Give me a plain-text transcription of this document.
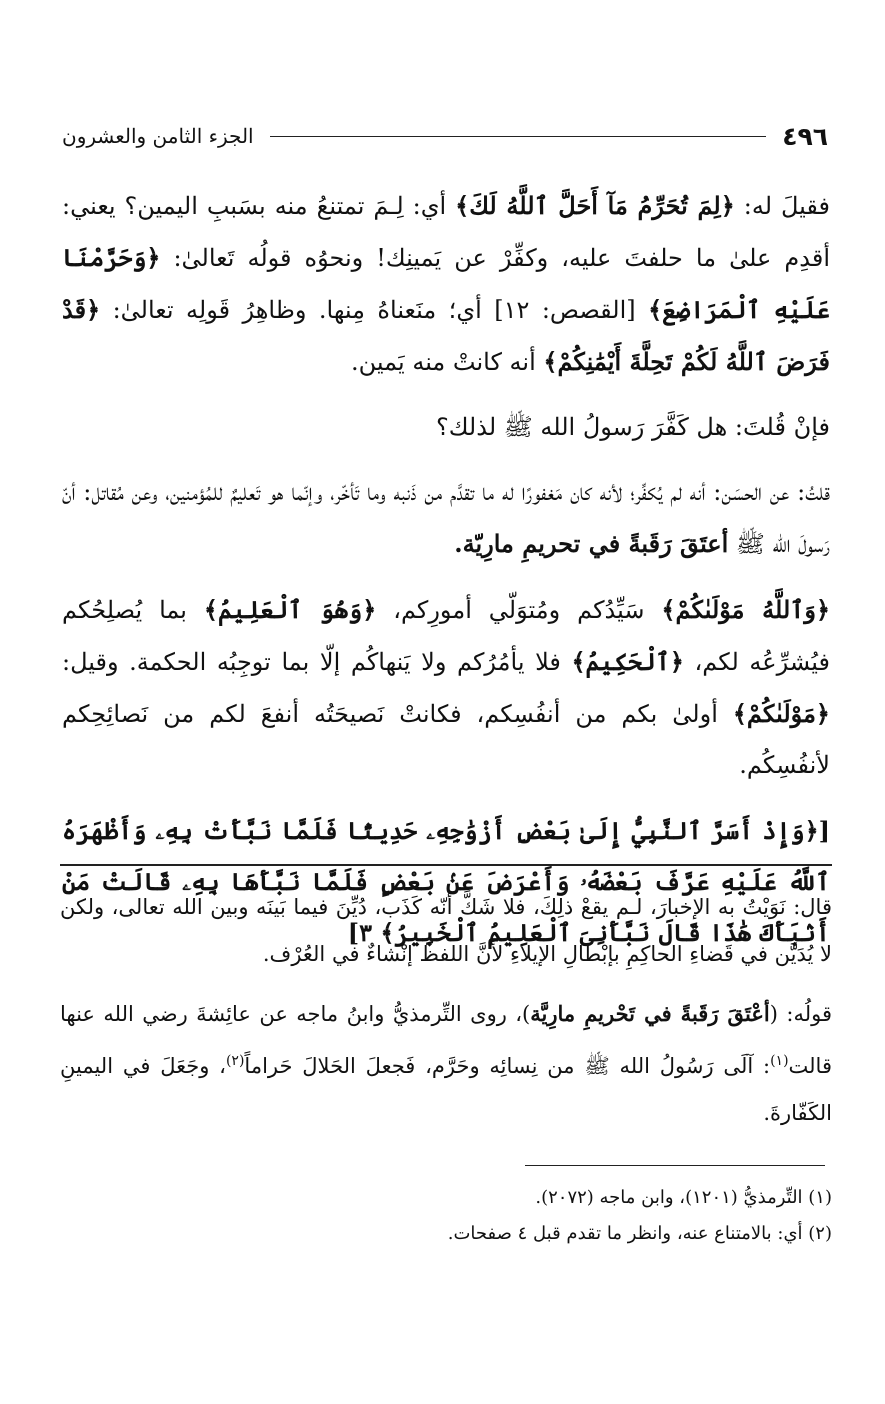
٤٩٦
الجزء الثامن والعشرون

فقيلَ له: ﴿لِمَ تُحَرِّمُ مَآ أَحَلَّ ٱللَّهُ لَكَ﴾ أي: لِـمَ تمتنعُ منه بسَببِ اليمين؟ يعني: أقدِم علىٰ ما حلفتَ عليه، وكفِّرْ عن يَمينِك! ونحوُه قولُه تَعالىٰ: ﴿وَحَرَّمْنَا عَلَيْهِ ٱلْمَرَاضِعَ﴾ [القصص: ١٢] أي؛ منَعناهُ مِنها. وظاهِرُ قَولِه تعالىٰ: ﴿قَدْ فَرَضَ ٱللَّهُ لَكُمْ تَحِلَّةَ أَيْمَٰنِكُمْ﴾ أنه كانتْ منه يَمين.

فإنْ قُلتَ: هل كَفَّرَ رَسولُ الله ﷺ لذلك؟

قلتُ: عن الحسَن: أنه لم يُكفِّر؛ لأنه كان مَغفورًا له ما تقدَّم من ذَنبه وما تَأخّر، وإنّما هو تَعليمٌ للمُؤمنين، وعن مُقاتل: أنّ رَسولَ الله ﷺ أعتَقَ رَقَبةً في تحريمِ مارِيّة.

﴿وَٱللَّهُ مَوْلَىٰكُمْ﴾ سَيِّدُكم ومُتوَلّي أمورِكم، ﴿وَهُوَ ٱلْعَلِيمُ﴾ بما يُصلِحُكم فيُشرِّعُه لكم، ﴿ٱلْحَكِيمُ﴾ فلا يأمُرُكم ولا يَنهاكُم إلّا بما توجِبُه الحكمة. وقيل: ﴿مَوْلَىٰكُمْ﴾ أولىٰ بكم من أنفُسِكم، فكانتْ نَصيحَتُه أنفعَ لكم من نَصائِحِكم لأنفُسِكُم.

[﴿وَإِذْ أَسَرَّ ٱلنَّبِيُّ إِلَىٰ بَعْضِ أَزْوَٰجِهِۦ حَدِيثًا فَلَمَّا نَبَّأَتْ بِهِۦ وَأَظْهَرَهُ ٱللَّهُ عَلَيْهِ عَرَّفَ بَعْضَهُۥ وَأَعْرَضَ عَنۢ بَعْضٍ فَلَمَّا نَبَّأَهَا بِهِۦ قَالَتْ مَنْ أَنۢبَأَكَ هَٰذَا قَالَ نَبَّأَنِىَ ٱلْعَلِيمُ ٱلْخَبِيرُ﴾ ٣]

قال: نَوَيْتُ به الإخبارَ، لـم يقعْ ذلِكَ، فلا شَكَّ أنّه كَذَب، دُيِّنَ فيما بَينَه وبين الله تعالى، ولكن لا يُدَيَّن في قَضاءِ الحاكِمِ بإبْطالِ الإيلاءِ لأنَّ اللفظ إنْشاءٌ في العُرْف.

قولُه: (أعْتَقَ رَقَبةً في تَحْريمِ مارِيَّة)، روى التِّرمذيُّ وابنُ ماجه عن عائِشةَ رضي الله عنها قالت$^{(١)}$: آلَى رَسُولُ الله ﷺ من نِسائِه وحَرَّم، فَجعلَ الحَلالَ حَراماً$^{(٢)}$، وجَعَلَ في اليمينِ الكَفّارةَ.

(١) التِّرمذيُّ (١٢٠١)، وابن ماجه (٢٠٧٢).

(٢) أي: بالامتناع عنه، وانظر ما تقدم قبل ٤ صفحات.
